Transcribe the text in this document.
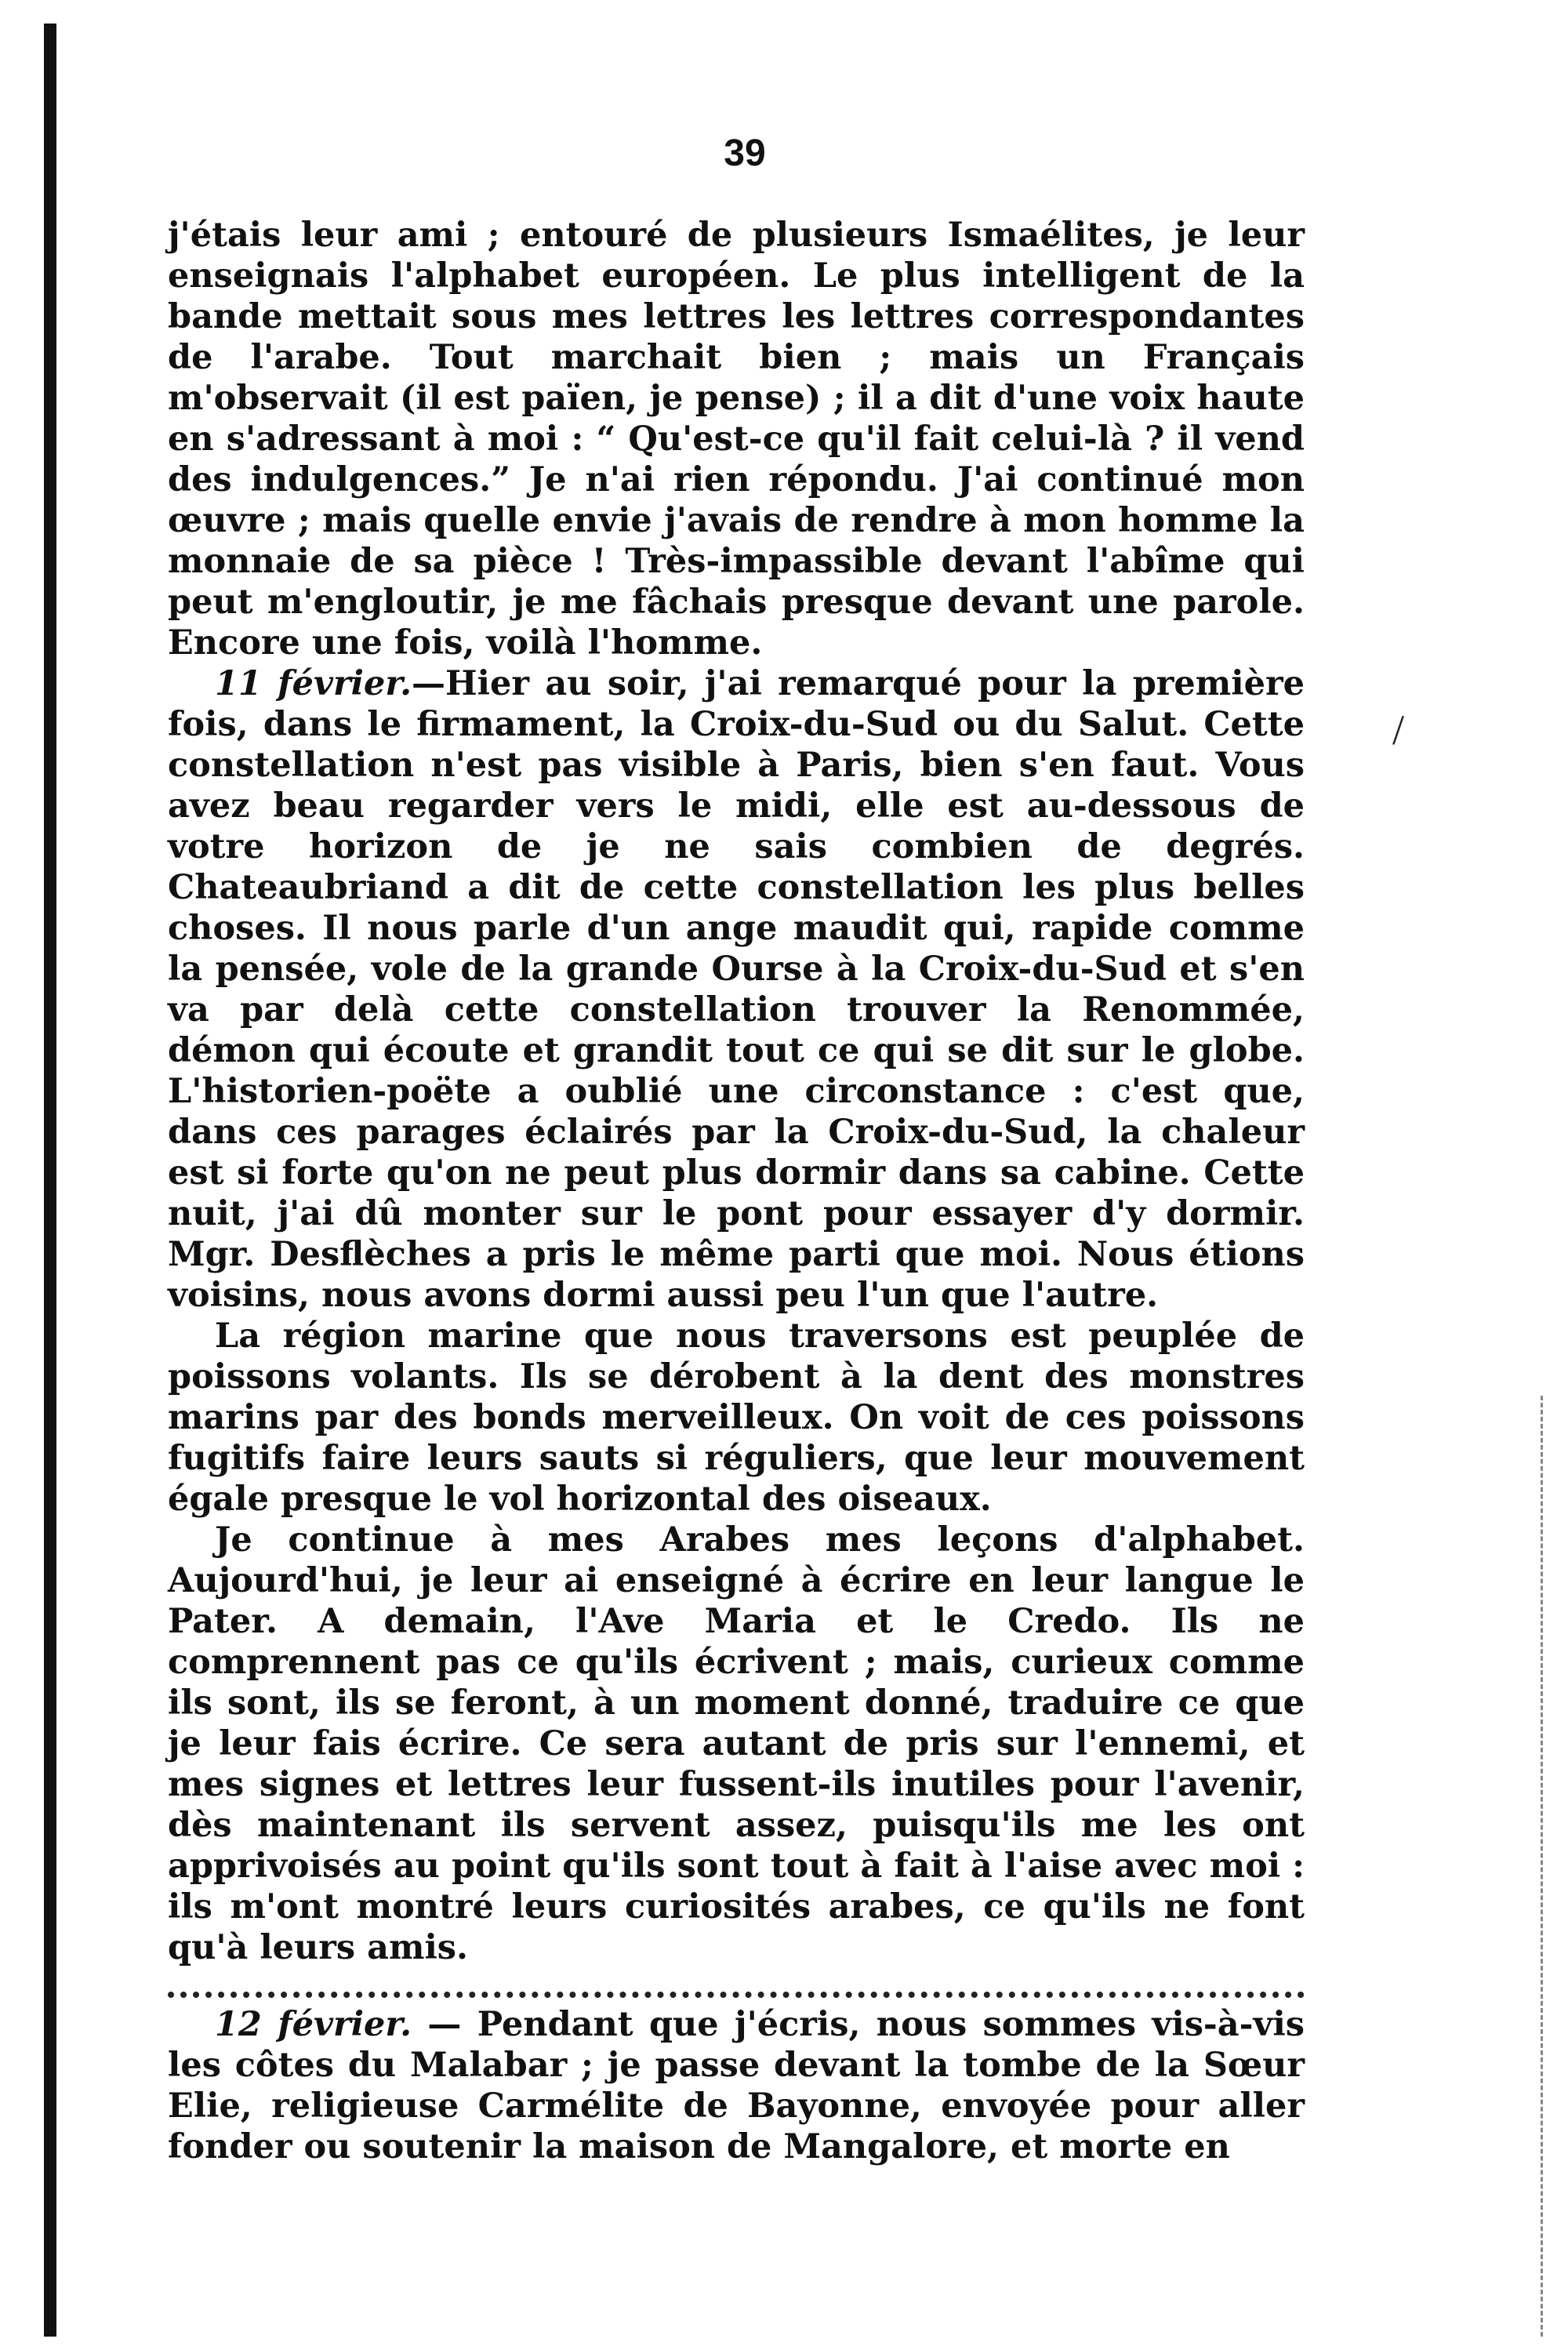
39
/

j'étais leur ami ; entouré de plusieurs Ismaélites, je leur enseignais l'alphabet européen. Le plus intelligent de la bande mettait sous mes lettres les lettres correspondantes de l'arabe. Tout marchait bien ; mais un Français m'observait (il est païen, je pense) ; il a dit d'une voix haute en s'adressant à moi : “ Qu'est-ce qu'il fait celui-là ? il vend des indulgences.” Je n'ai rien répondu. J'ai continué mon œuvre ; mais quelle envie j'avais de rendre à mon homme la monnaie de sa pièce ! Très-impassible devant l'abîme qui peut m'engloutir, je me fâchais presque devant une parole. Encore une fois, voilà l'homme.

11 février.—Hier au soir, j'ai remarqué pour la première fois, dans le firmament, la Croix-du-Sud ou du Salut. Cette constellation n'est pas visible à Paris, bien s'en faut. Vous avez beau regarder vers le midi, elle est au-dessous de votre horizon de je ne sais combien de degrés. Chateaubriand a dit de cette constellation les plus belles choses. Il nous parle d'un ange maudit qui, rapide comme la pensée, vole de la grande Ourse à la Croix-du-Sud et s'en va par delà cette constellation trouver la Renommée, démon qui écoute et grandit tout ce qui se dit sur le globe. L'historien-poëte a oublié une circonstance : c'est que, dans ces parages éclairés par la Croix-du-Sud, la chaleur est si forte qu'on ne peut plus dormir dans sa cabine. Cette nuit, j'ai dû monter sur le pont pour essayer d'y dormir. Mgr. Desflèches a pris le même parti que moi. Nous étions voisins, nous avons dormi aussi peu l'un que l'autre.

La région marine que nous traversons est peuplée de poissons volants. Ils se dérobent à la dent des monstres marins par des bonds merveilleux. On voit de ces poissons fugitifs faire leurs sauts si réguliers, que leur mouvement égale presque le vol horizontal des oiseaux.

Je continue à mes Arabes mes leçons d'alphabet. Aujourd'hui, je leur ai enseigné à écrire en leur langue le Pater. A demain, l'Ave Maria et le Credo. Ils ne comprennent pas ce qu'ils écrivent ; mais, curieux comme ils sont, ils se feront, à un moment donné, traduire ce que je leur fais écrire. Ce sera autant de pris sur l'ennemi, et mes signes et lettres leur fussent-ils inutiles pour l'avenir, dès maintenant ils servent assez, puisqu'ils me les ont apprivoisés au point qu'ils sont tout à fait à l'aise avec moi : ils m'ont montré leurs curiosités arabes, ce qu'ils ne font qu'à leurs amis.

12 février. — Pendant que j'écris, nous sommes vis-à-vis les côtes du Malabar ; je passe devant la tombe de la Sœur Elie, religieuse Carmélite de Bayonne, envoyée pour aller fonder ou soutenir la maison de Mangalore, et morte en
